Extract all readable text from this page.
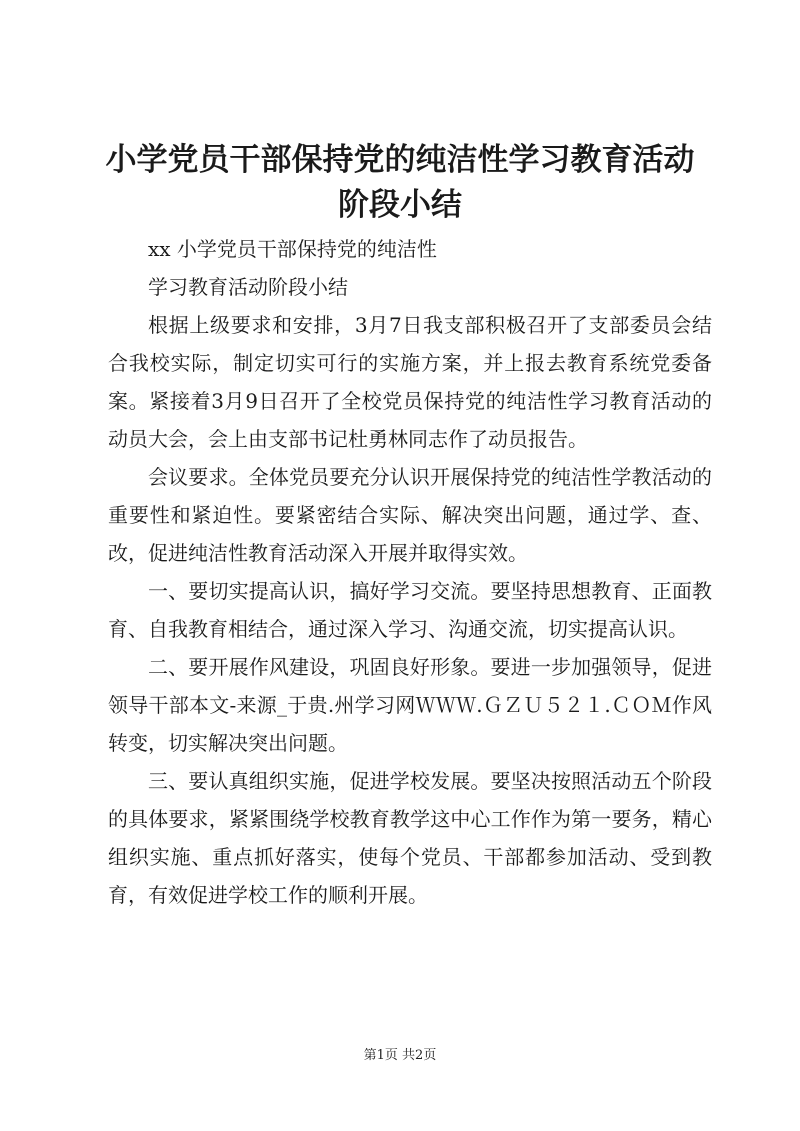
小学党员干部保持党的纯洁性学习教育活动阶段小结

xx 小学党员干部保持党的纯洁性

学习教育活动阶段小结

根据上级要求和安排，3月7日我支部积极召开了支部委员会结合我校实际，制定切实可行的实施方案，并上报去教育系统党委备案。紧接着3月9日召开了全校党员保持党的纯洁性学习教育活动的动员大会，会上由支部书记杜勇林同志作了动员报告。

会议要求。全体党员要充分认识开展保持党的纯洁性学教活动的重要性和紧迫性。要紧密结合实际、解决突出问题，通过学、查、改，促进纯洁性教育活动深入开展并取得实效。

一、要切实提高认识，搞好学习交流。要坚持思想教育、正面教育、自我教育相结合，通过深入学习、沟通交流，切实提高认识。

二、要开展作风建设，巩固良好形象。要进一步加强领导，促进领导干部本文-来源_于贵.州学习网ＷＷＷ.ＧＺＵ５２１.ＣＯＭ作风转变，切实解决突出问题。

三、要认真组织实施，促进学校发展。要坚决按照活动五个阶段的具体要求，紧紧围绕学校教育教学这中心工作作为第一要务，精心组织实施、重点抓好落实，使每个党员、干部都参加活动、受到教育，有效促进学校工作的顺利开展。

第1页 共2页
